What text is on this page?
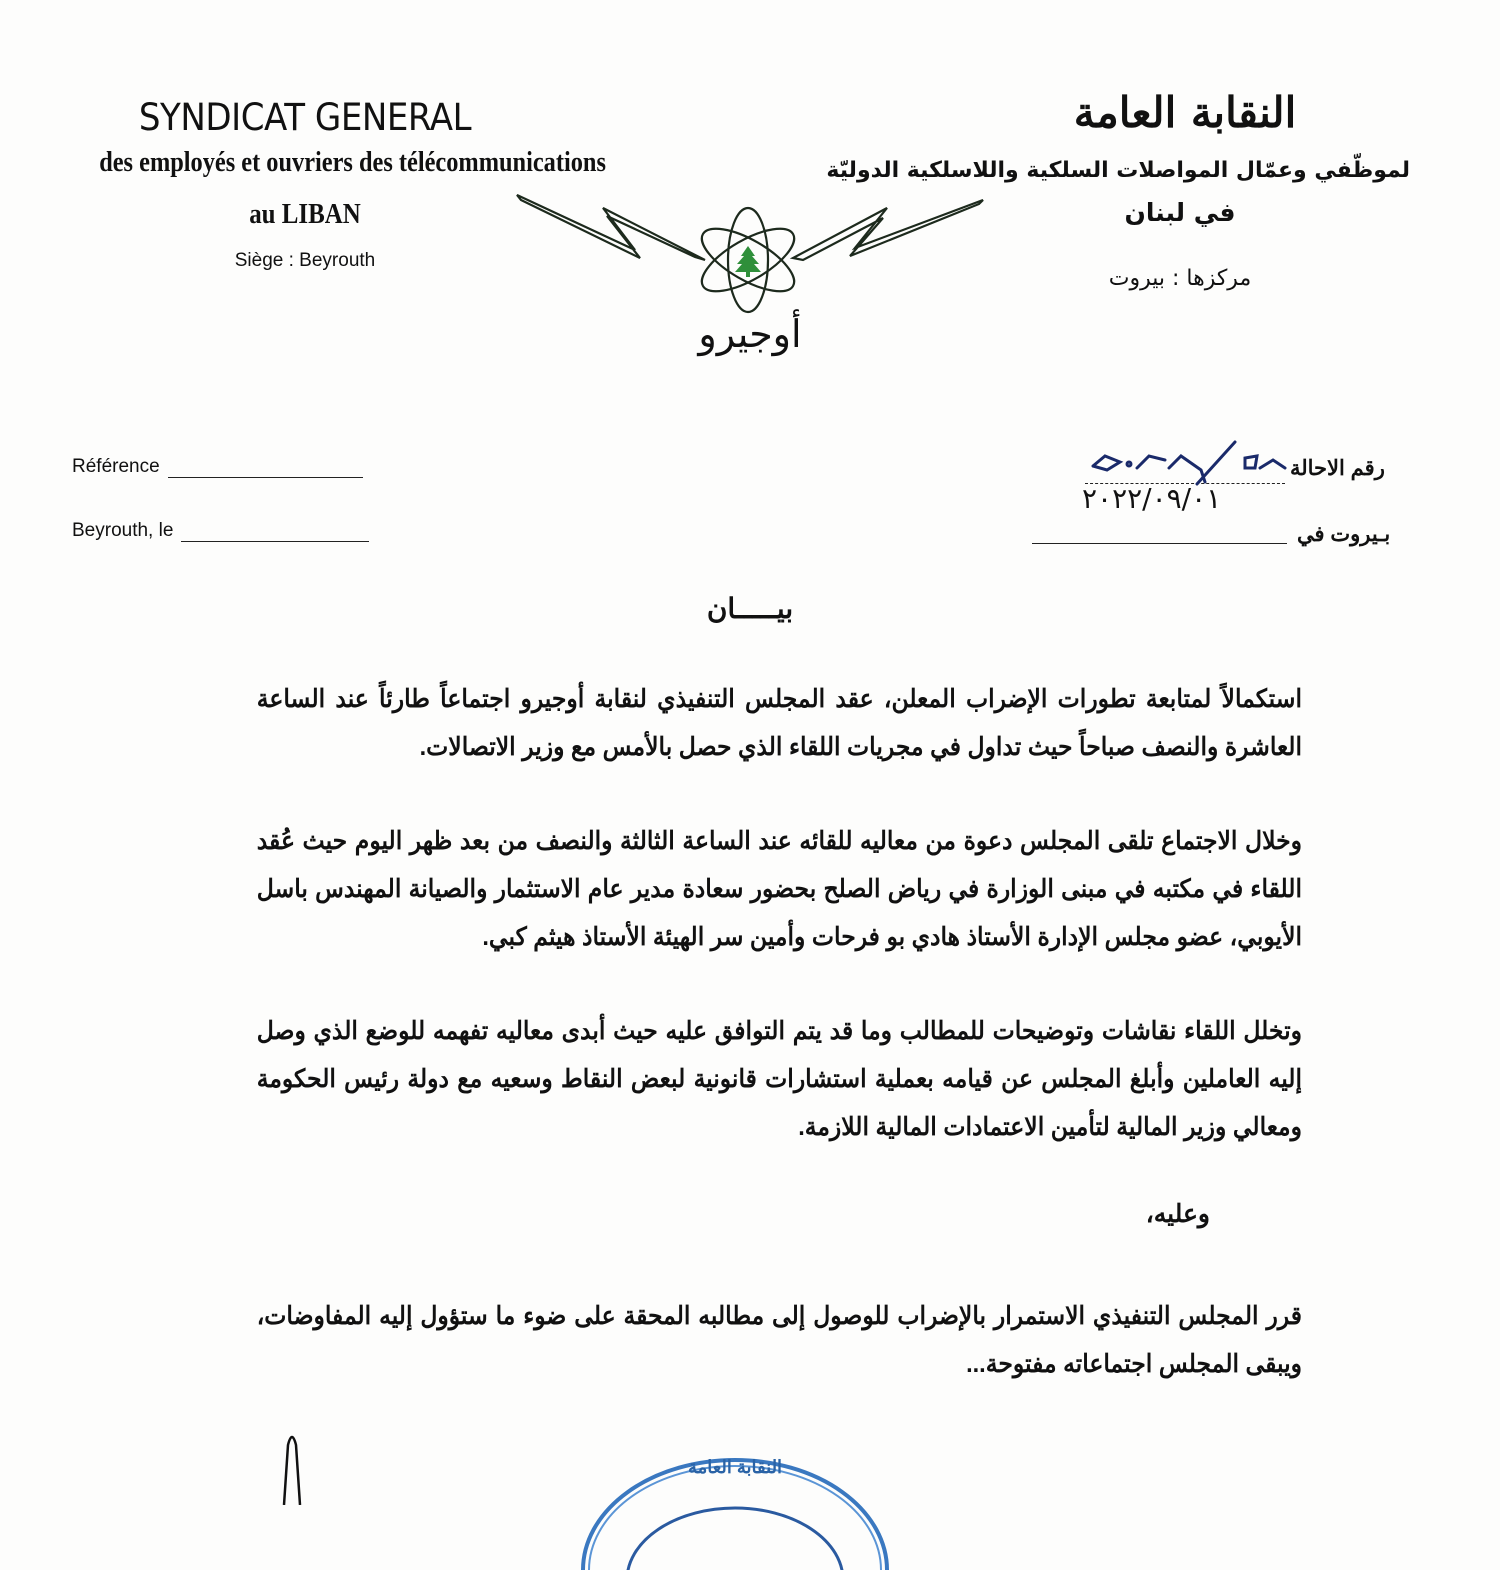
SYNDICAT GENERAL
des employés et ouvriers des télécommunications
au LIBAN
Siège : Beyrouth
النقابة العامة
لموظّفي وعمّال المواصلات السلكية واللاسلكية الدوليّة
في لبنان
مركزها : بيروت
أوجيرو
Référence
Beyrouth, le
رقم الاحالة
٢٠٢٢/٠٩/٠١
بـيروت في
بيـــــان
استكمالاً لمتابعة تطورات الإضراب المعلن، عقد المجلس التنفيذي لنقابة أوجيرو اجتماعاً طارئاً عند الساعة العاشرة والنصف صباحاً حيث تداول في مجريات اللقاء الذي حصل بالأمس مع وزير الاتصالات.
وخلال الاجتماع تلقى المجلس دعوة من معاليه للقائه عند الساعة الثالثة والنصف من بعد ظهر اليوم حيث عُقد اللقاء في مكتبه في مبنى الوزارة في رياض الصلح بحضور سعادة مدير عام الاستثمار والصيانة المهندس باسل الأيوبي، عضو مجلس الإدارة الأستاذ هادي بو فرحات وأمين سر الهيئة الأستاذ هيثم كبي.
وتخلل اللقاء نقاشات وتوضيحات للمطالب وما قد يتم التوافق عليه حيث أبدى معاليه تفهمه للوضع الذي وصل إليه العاملين وأبلغ المجلس عن قيامه بعملية استشارات قانونية لبعض النقاط وسعيه مع دولة رئيس الحكومة ومعالي وزير المالية لتأمين الاعتمادات المالية اللازمة.
وعليه،
قرر المجلس التنفيذي الاستمرار بالإضراب للوصول إلى مطالبه المحقة على ضوء ما ستؤول إليه المفاوضات، ويبقى المجلس اجتماعاته مفتوحة...
النقابة العامة
